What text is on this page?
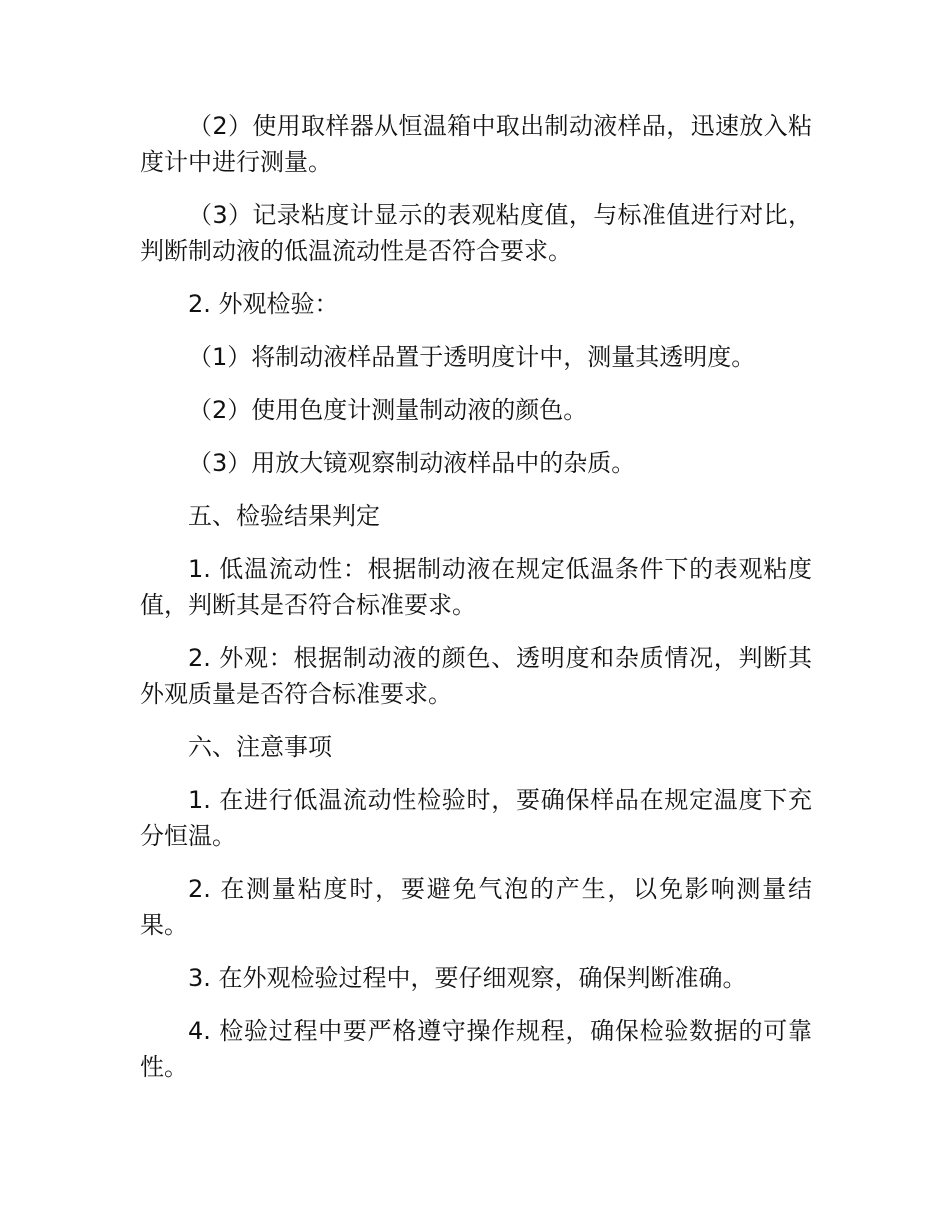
（2）使用取样器从恒温箱中取出制动液样品，迅速放入粘度计中进行测量。

（3）记录粘度计显示的表观粘度值，与标准值进行对比，判断制动液的低温流动性是否符合要求。

2. 外观检验：

（1）将制动液样品置于透明度计中，测量其透明度。

（2）使用色度计测量制动液的颜色。

（3）用放大镜观察制动液样品中的杂质。

五、检验结果判定

1. 低温流动性：根据制动液在规定低温条件下的表观粘度值，判断其是否符合标准要求。

2. 外观：根据制动液的颜色、透明度和杂质情况，判断其外观质量是否符合标准要求。

六、注意事项

1. 在进行低温流动性检验时，要确保样品在规定温度下充分恒温。

2. 在测量粘度时，要避免气泡的产生，以免影响测量结果。

3. 在外观检验过程中，要仔细观察，确保判断准确。

4. 检验过程中要严格遵守操作规程，确保检验数据的可靠性。
